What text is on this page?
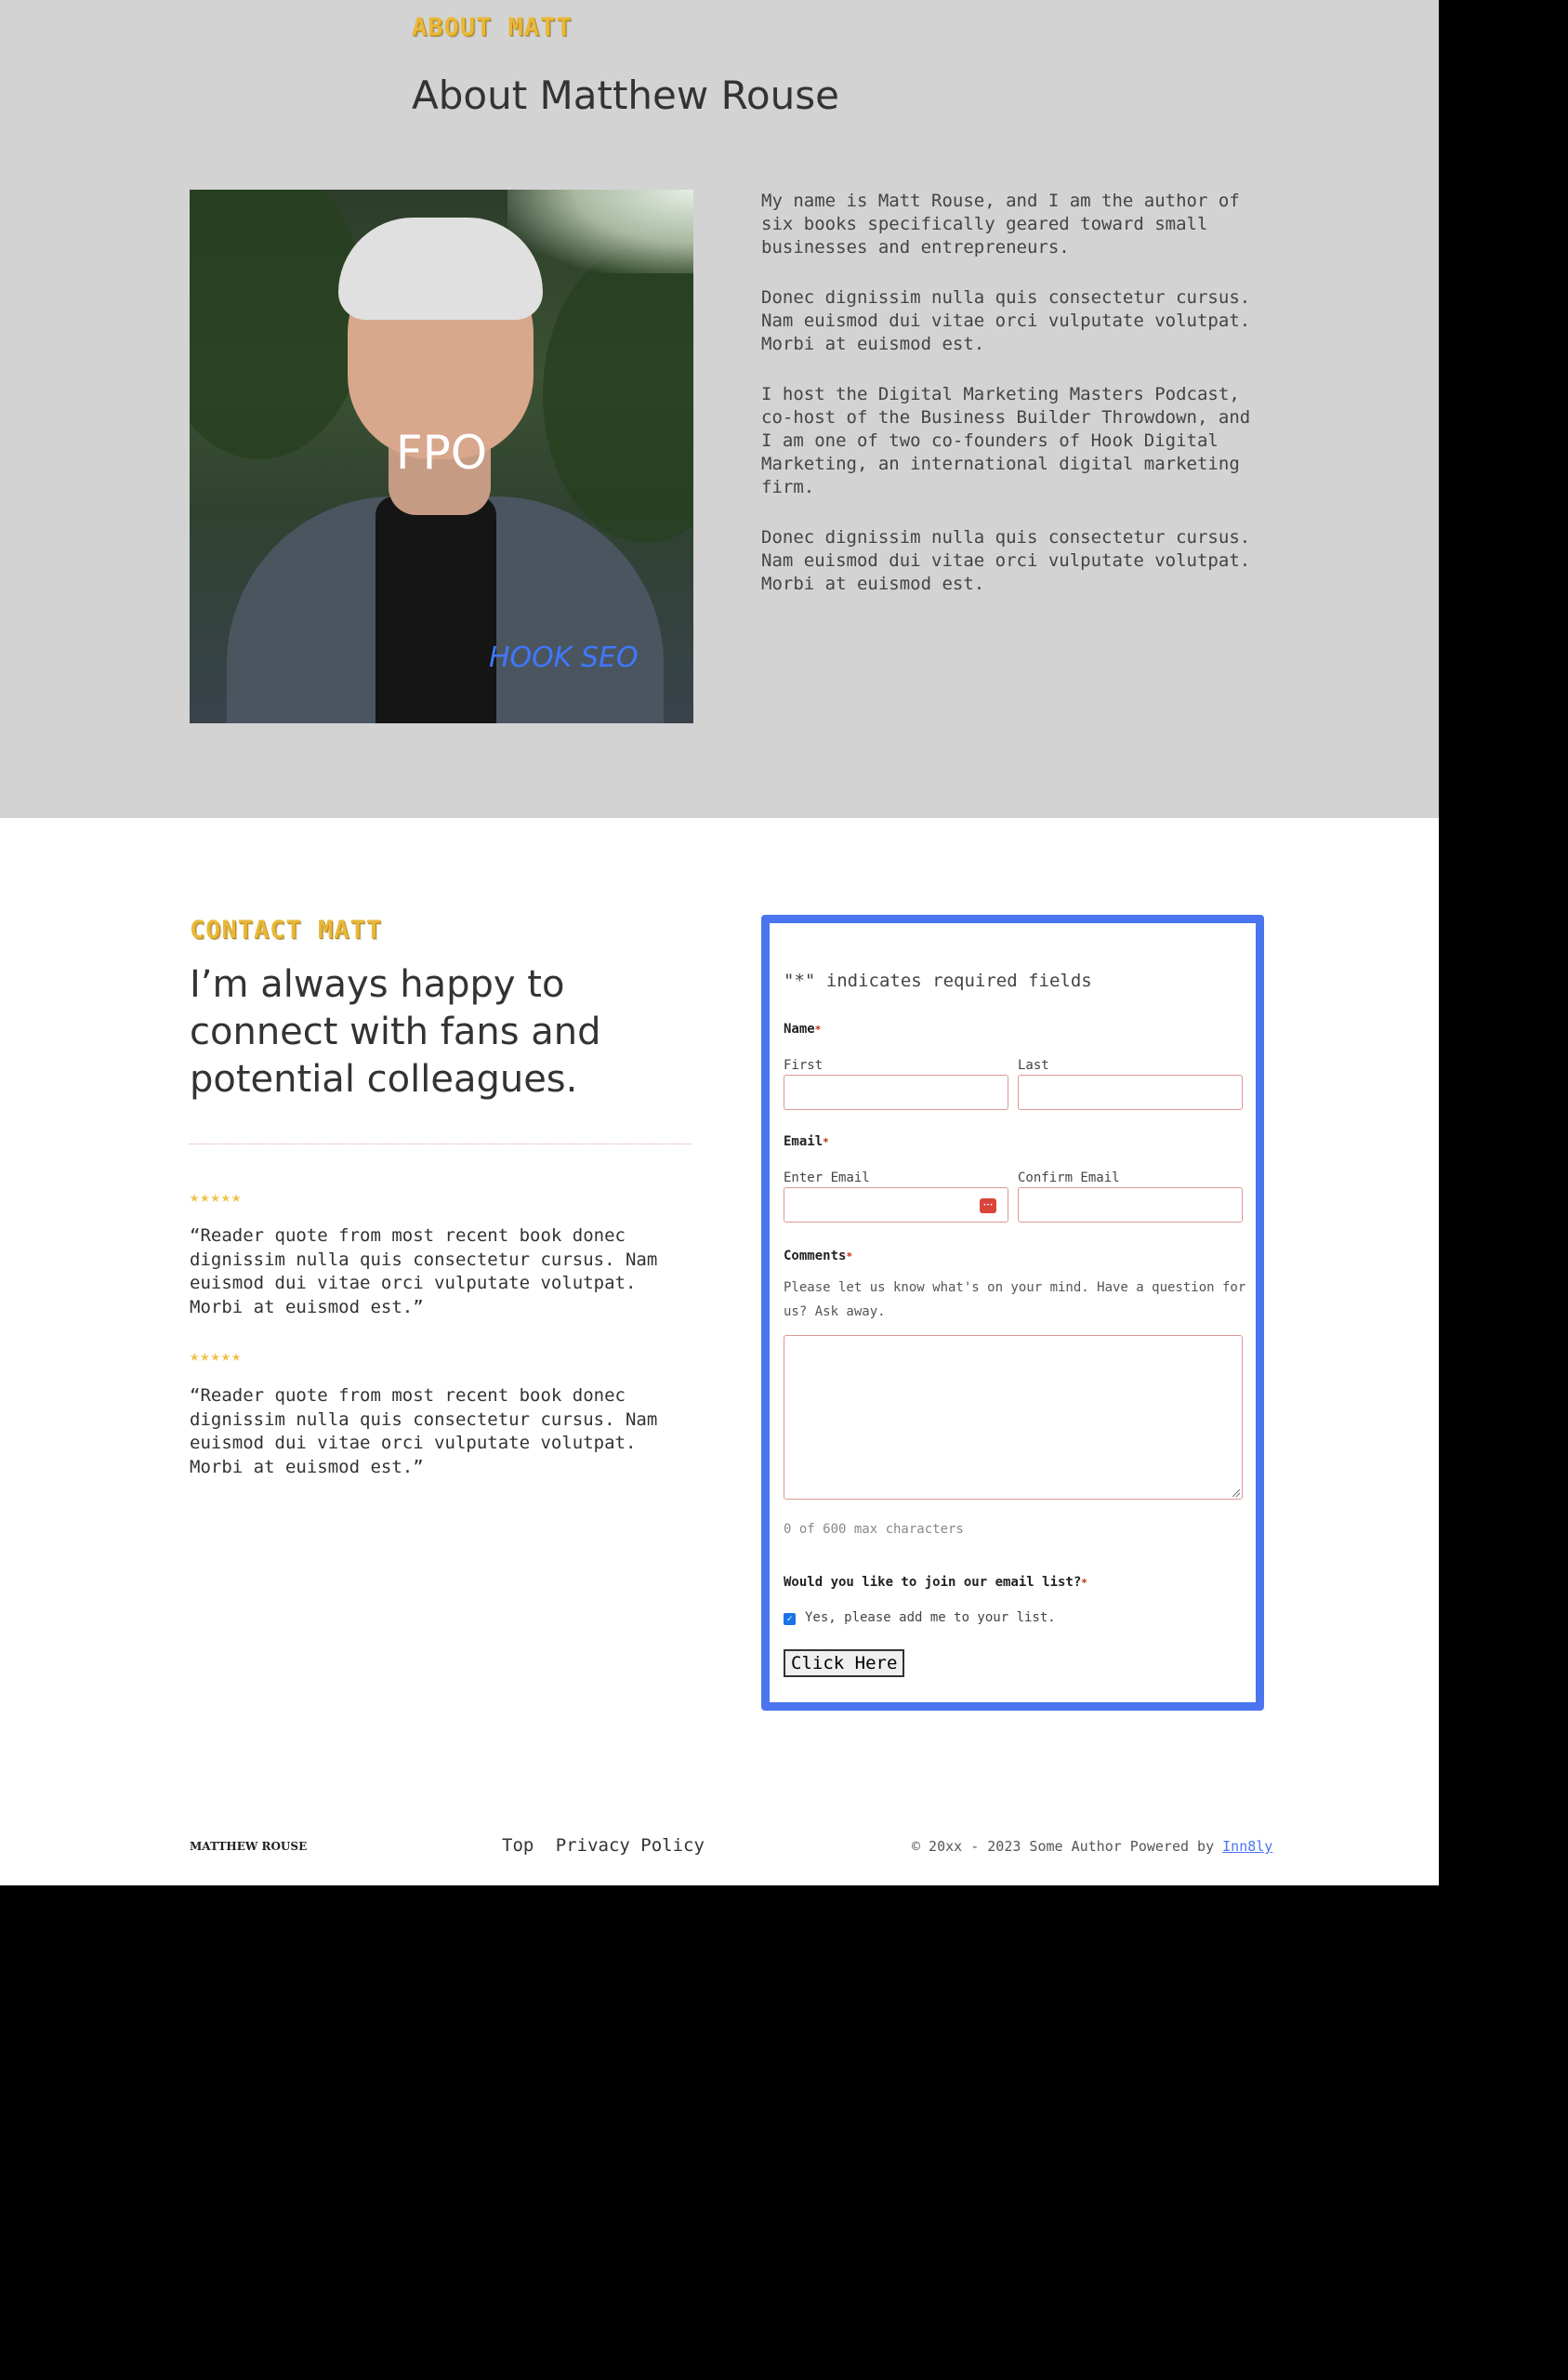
ABOUT MATT
About Matthew Rouse
HOOK SEO
FPO

My name is Matt Rouse, and I am the author of six books specifically geared toward small businesses and entrepreneurs.

Donec dignissim nulla quis consectetur cursus. Nam euismod dui vitae orci vulputate volutpat. Morbi at euismod est.

I host the Digital Marketing Masters Podcast, co-host of the Business Builder Throwdown, and I am one of two co-founders of Hook Digital Marketing, an international digital marketing firm.

Donec dignissim nulla quis consectetur cursus. Nam euismod dui vitae orci vulputate volutpat. Morbi at euismod est.

CONTACT MATT
I’m always happy to connect with fans and potential colleagues.
★★★★★

“Reader quote from most recent book donec dignissim nulla quis consectetur cursus. Nam euismod dui vitae orci vulputate volutpat. Morbi at euismod est.”

★★★★★

“Reader quote from most recent book donec dignissim nulla quis consectetur cursus. Nam euismod dui vitae orci vulputate volutpat. Morbi at euismod est.”

"*" indicates required fields
Name*
First	Last
Email*
Enter Email	Confirm Email
•••
Comments*
Please let us know what's on your mind. Have a question for us? Ask away.
0 of 600 max characters
Would you like to join our email list?*
✓ Yes, please add me to your list.
Click Here
MATTHEW ROUSE	Top Privacy Policy	© 20xx - 2023 Some Author Powered by Inn8ly
